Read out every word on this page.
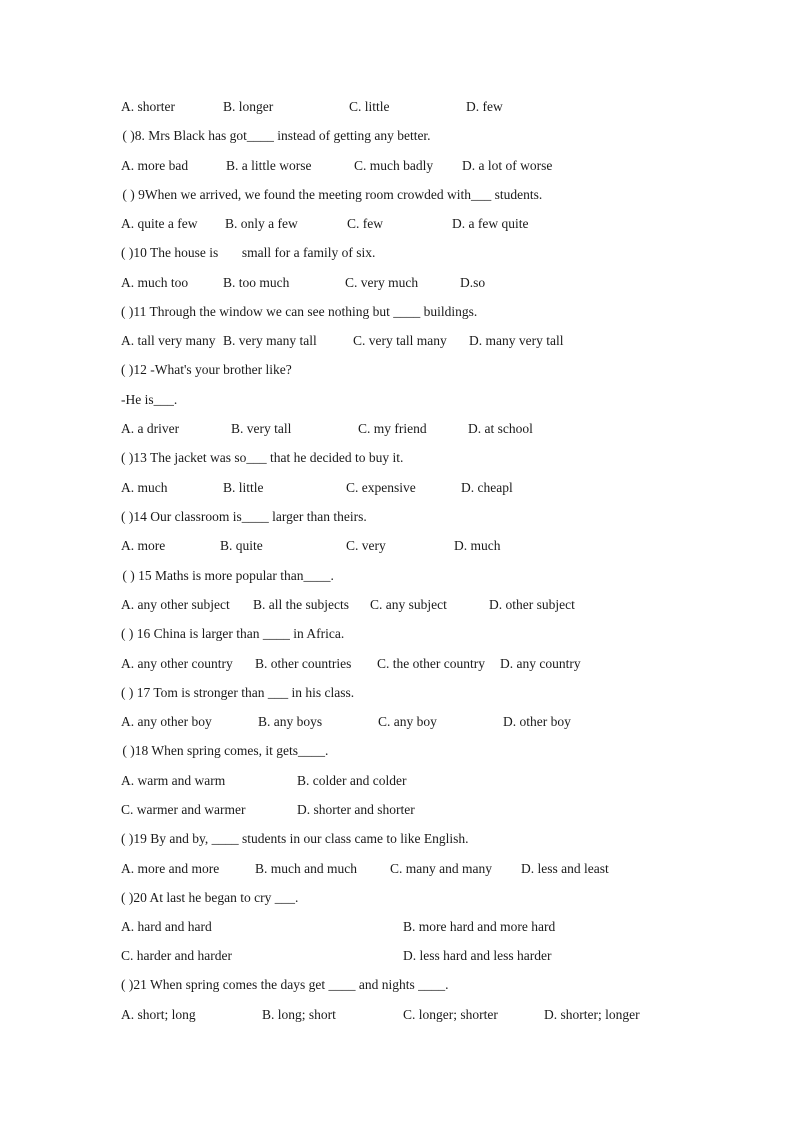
A. shorter	B. longer	C. little	D. few
( )8. Mrs Black has got____ instead of getting any better.
A. more bad	B. a little worse	C. much badly D. a lot of worse
( ) 9When we arrived, we found the meeting room crowded with___ students.
A. quite a few B. only a few	C. few	D. a few quite
( )10 The house is       small for a family of six.
A. much too	B. too much	C. very much	D.so
( )11 Through the window we can see nothing but ____ buildings.
A. tall very many B. very many tall	C. very tall many D. many very tall
( )12 -What's your brother like?
-He is___.
A. a driver	B. very tall	C. my friend	D. at school
( )13 The jacket was so___ that he decided to buy it.
A. much	B. little	C. expensive	D. cheapl
( )14 Our classroom is____ larger than theirs.
A. more	B. quite	C. very	D. much
( ) 15 Maths is more popular than____.
A. any other subject B. all the subjects C. any subject	D. other subject
( ) 16 China is larger than ____ in Africa.
A. any other country B. other countries C. the other country D. any country
( ) 17 Tom is stronger than ___ in his class.
A. any other boy	B. any boys	C. any boy	D. other boy
( )18 When spring comes, it gets____.
A. warm and warm	B. colder and colder
C. warmer and warmer	D. shorter and shorter
( )19 By and by, ____ students in our class came to like English.
A. more and more	B. much and much C. many and many D. less and least
( )20 At last he began to cry ___.
A. hard and hard	B. more hard and more hard
C. harder and harder	D. less hard and less harder
( )21 When spring comes the days get ____ and nights ____.
A. short; long	B. long; short	C. longer; shorter	D. shorter; longer
